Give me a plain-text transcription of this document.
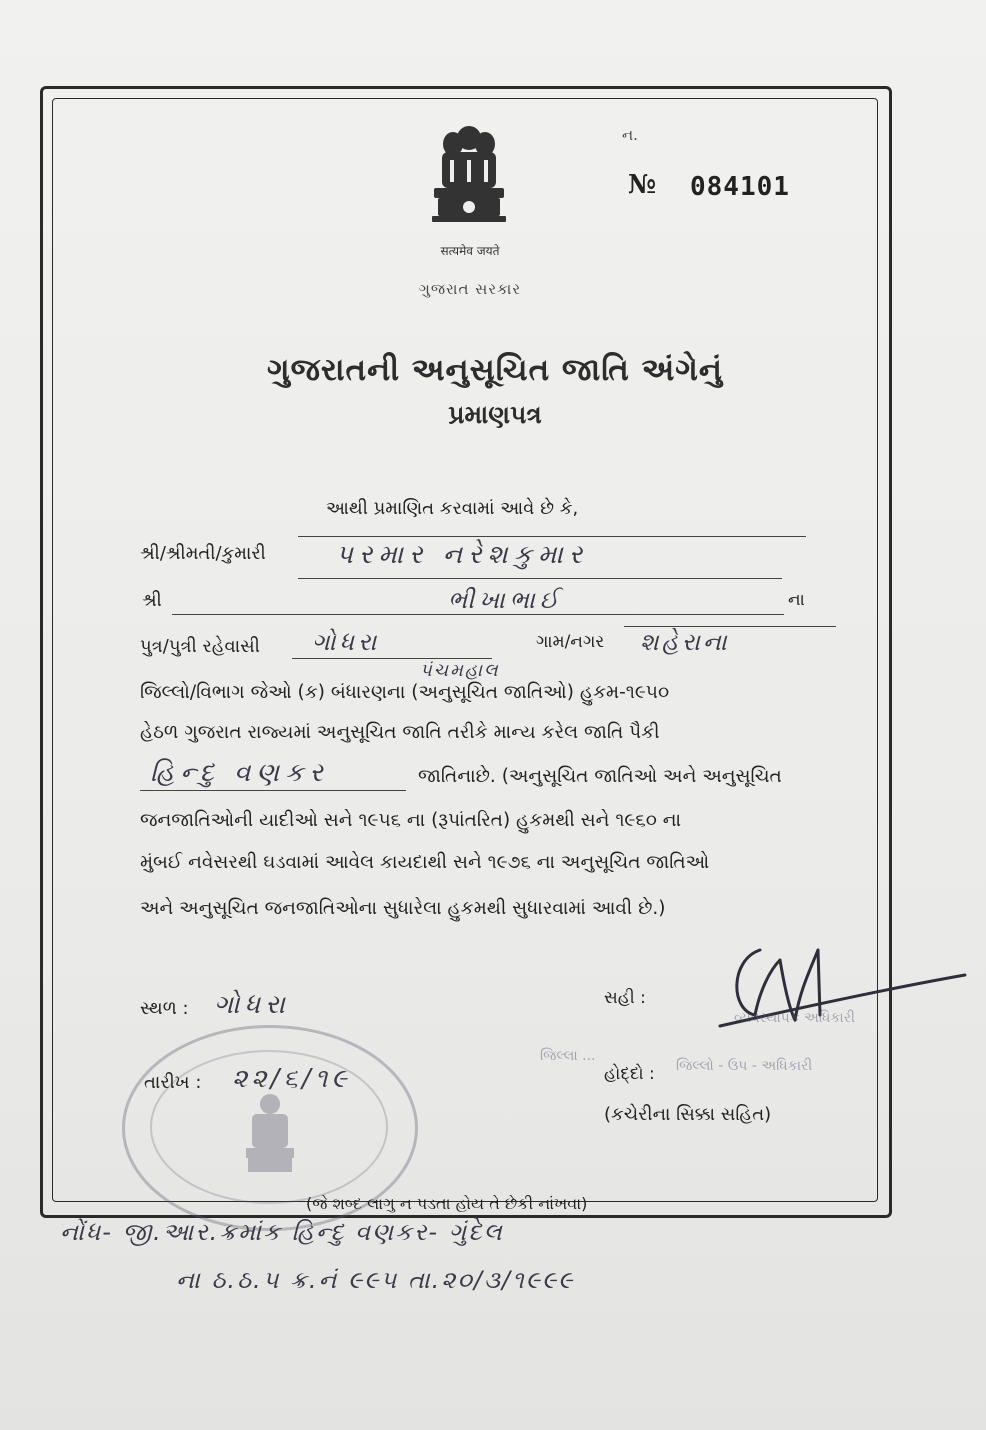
सत्यमेव जयते
ગુજરાત સરકાર
ન.
№ 084101
ગુજરાતની અનુસૂચિત જાતિ અંગેનું
પ્રમાણપત્ર
આથી પ્રમાણિત કરવામાં આવે છે કે,
શ્રી/શ્રીમતી/કુમારી	પરમાર નરેશકુમાર
શ્રી	ભીખાભાઈ	ના
પુત્ર/પુત્રી રહેવાસી ગોધરા	ગામ/નગર શહેરાના
પંચમહાલ
જિલ્લો/વિભાગ જેઓ (ક) બંધારણના (અનુસૂચિત જાતિઓ) હુકમ-૧૯૫૦
હેઠળ ગુજરાત રાજ્યમાં અનુસૂચિત જાતિ તરીકે માન્ય કરેલ જાતિ પૈકી
હિન્દુ વણકર	જાતિનાછે. (અનુસૂચિત જાતિઓ અને અનુસૂચિત
જનજાતિઓની યાદીઓ સને ૧૯૫૬ ના (રૂપાંતરિત) હુકમથી સને ૧૯૬૦ ના
મુંબઈ નવેસરથી ઘડવામાં આવેલ કાયદાથી સને ૧૯૭૬ ના અનુસૂચિત જાતિઓ
અને અનુસૂચિત જનજાતિઓના સુધારેલા હુકમથી સુધારવામાં આવી છે.)
સ્થળ : ગોધરા	સહી :
જિલ્લા ...
જિલ્લો - ઉપ - અધિકારી
વ્યવસ્થાપક અધિકારી
તારીખ : ૨૨/૬/૧૯	હોદ્દો :
(કચેરીના સિક્કા સહિત)
(જે શબ્દ લાગુ ન પડતા હોય તે છેકી નાંખવા)
નોંધ- જી.આર.ક્રમાંક હિન્દુ વણકર- ગુંદેલ
ના ઠ.ઠ.૫ ક્ર.નં ૯૯૫ તા.૨૦/૩/૧૯૯૯
